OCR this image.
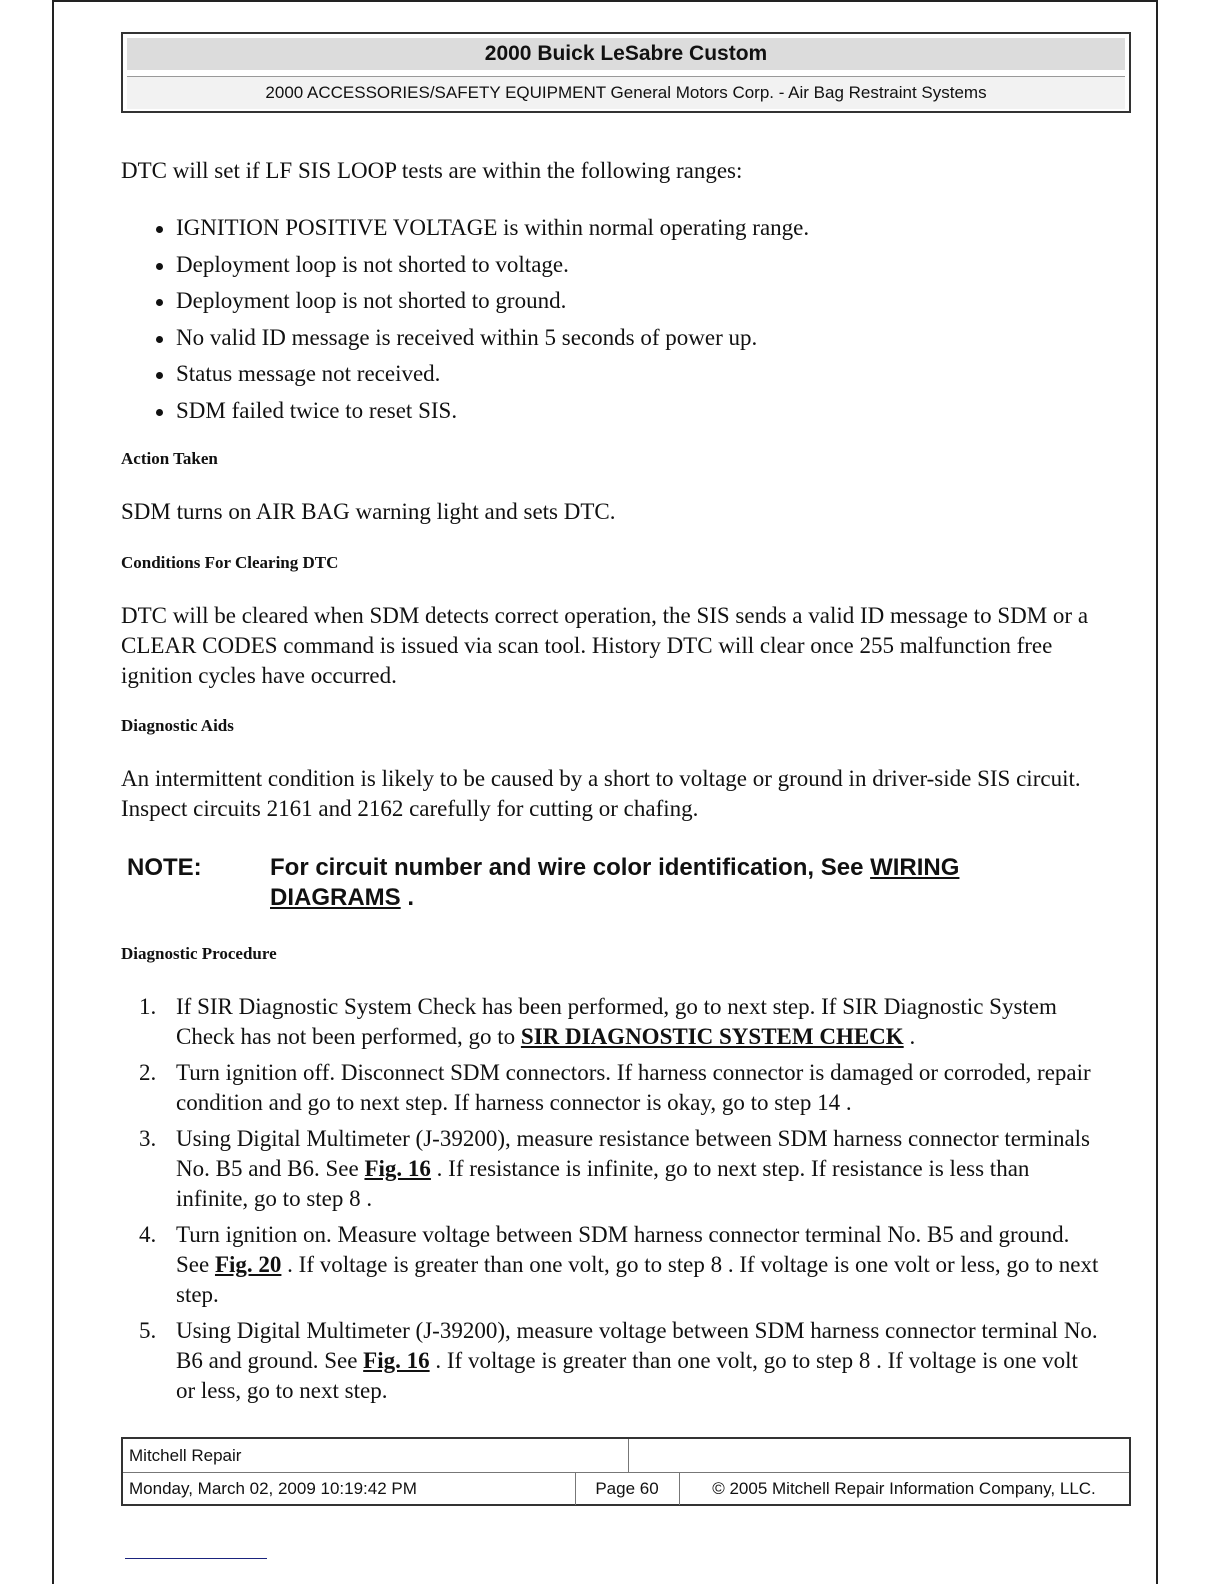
2000 Buick LeSabre Custom
2000 ACCESSORIES/SAFETY EQUIPMENT General Motors Corp. - Air Bag Restraint Systems

DTC will set if LF SIS LOOP tests are within the following ranges:

IGNITION POSITIVE VOLTAGE is within normal operating range.
Deployment loop is not shorted to voltage.
Deployment loop is not shorted to ground.
No valid ID message is received within 5 seconds of power up.
Status message not received.
SDM failed twice to reset SIS.

Action Taken

SDM turns on AIR BAG warning light and sets DTC.

Conditions For Clearing DTC

DTC will be cleared when SDM detects correct operation, the SIS sends a valid ID message to SDM or a CLEAR CODES command is issued via scan tool. History DTC will clear once 255 malfunction free ignition cycles have occurred.

Diagnostic Aids

An intermittent condition is likely to be caused by a short to voltage or ground in driver-side SIS circuit. Inspect circuits 2161 and 2162 carefully for cutting or chafing.

NOTE:	For circuit number and wire color identification, See WIRING DIAGRAMS .

Diagnostic Procedure

1. If SIR Diagnostic System Check has been performed, go to next step. If SIR Diagnostic System Check has not been performed, go to SIR DIAGNOSTIC SYSTEM CHECK .
2. Turn ignition off. Disconnect SDM connectors. If harness connector is damaged or corroded, repair condition and go to next step. If harness connector is okay, go to step 14 .
3. Using Digital Multimeter (J-39200), measure resistance between SDM harness connector terminals No. B5 and B6. See Fig. 16 . If resistance is infinite, go to next step. If resistance is less than infinite, go to step 8 .
4. Turn ignition on. Measure voltage between SDM harness connector terminal No. B5 and ground. See Fig. 20 . If voltage is greater than one volt, go to step 8 . If voltage is one volt or less, go to next step.
5. Using Digital Multimeter (J-39200), measure voltage between SDM harness connector terminal No. B6 and ground. See Fig. 16 . If voltage is greater than one volt, go to step 8 . If voltage is one volt or less, go to next step.
Mitchell Repair
Monday, March 02, 2009 10:19:42 PM	Page 60	© 2005 Mitchell Repair Information Company, LLC.
